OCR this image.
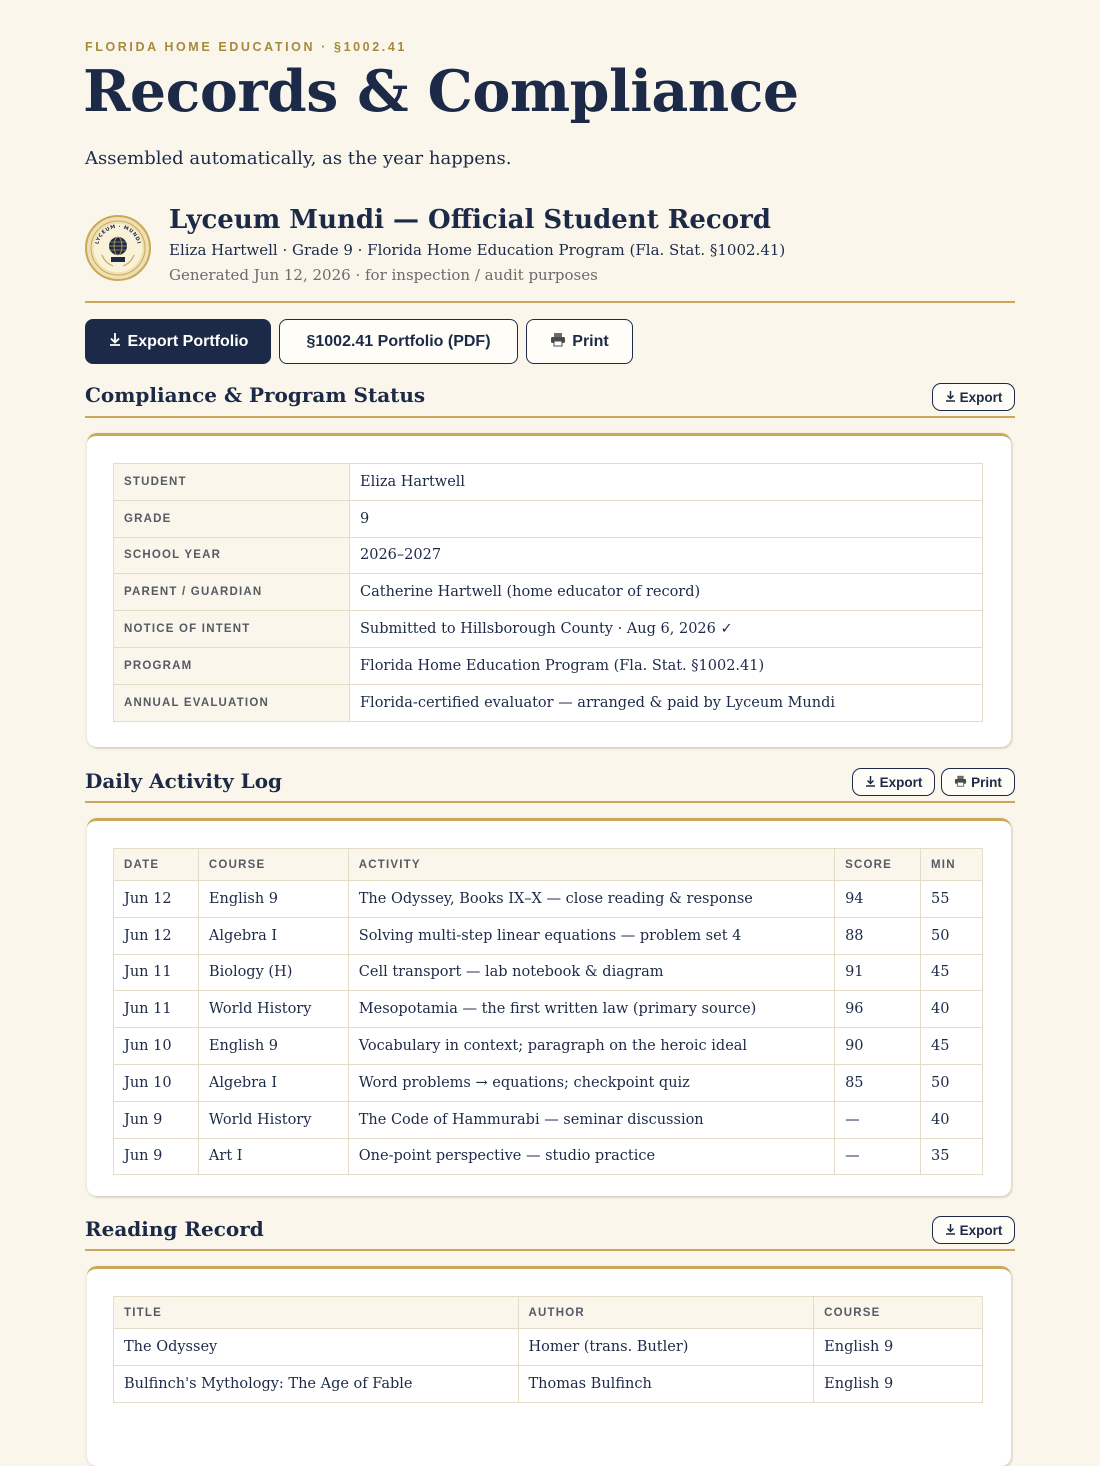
FLORIDA HOME EDUCATION · §1002.41
Records & Compliance
Assembled automatically, as the year happens.
LYCEUM · MUNDI
Lyceum Mundi — Official Student Record
Eliza Hartwell · Grade 9 · Florida Home Education Program (Fla. Stat. §1002.41)
Generated Jun 12, 2026 · for inspection / audit purposes
Export Portfolio	§1002.41 Portfolio (PDF)	Print
Compliance & Program Status	Export
STUDENT	Eliza Hartwell
GRADE	9
SCHOOL YEAR	2026–2027
PARENT / GUARDIAN	Catherine Hartwell (home educator of record)
NOTICE OF INTENT	Submitted to Hillsborough County · Aug 6, 2026 ✓
PROGRAM	Florida Home Education Program (Fla. Stat. §1002.41)
ANNUAL EVALUATION	Florida-certified evaluator — arranged & paid by Lyceum Mundi
Daily Activity Log	Export	Print
DATE	COURSE	ACTIVITY	SCORE	MIN
Jun 12	English 9	The Odyssey, Books IX–X — close reading & response	94	55
Jun 12	Algebra I	Solving multi-step linear equations — problem set 4	88	50
Jun 11	Biology (H)	Cell transport — lab notebook & diagram	91	45
Jun 11	World History	Mesopotamia — the first written law (primary source)	96	40
Jun 10	English 9	Vocabulary in context; paragraph on the heroic ideal	90	45
Jun 10	Algebra I	Word problems → equations; checkpoint quiz	85	50
Jun 9	World History	The Code of Hammurabi — seminar discussion	—	40
Jun 9	Art I	One-point perspective — studio practice	—	35
Reading Record	Export
TITLE	AUTHOR	COURSE
The Odyssey	Homer (trans. Butler)	English 9
Bulfinch's Mythology: The Age of Fable	Thomas Bulfinch	English 9
